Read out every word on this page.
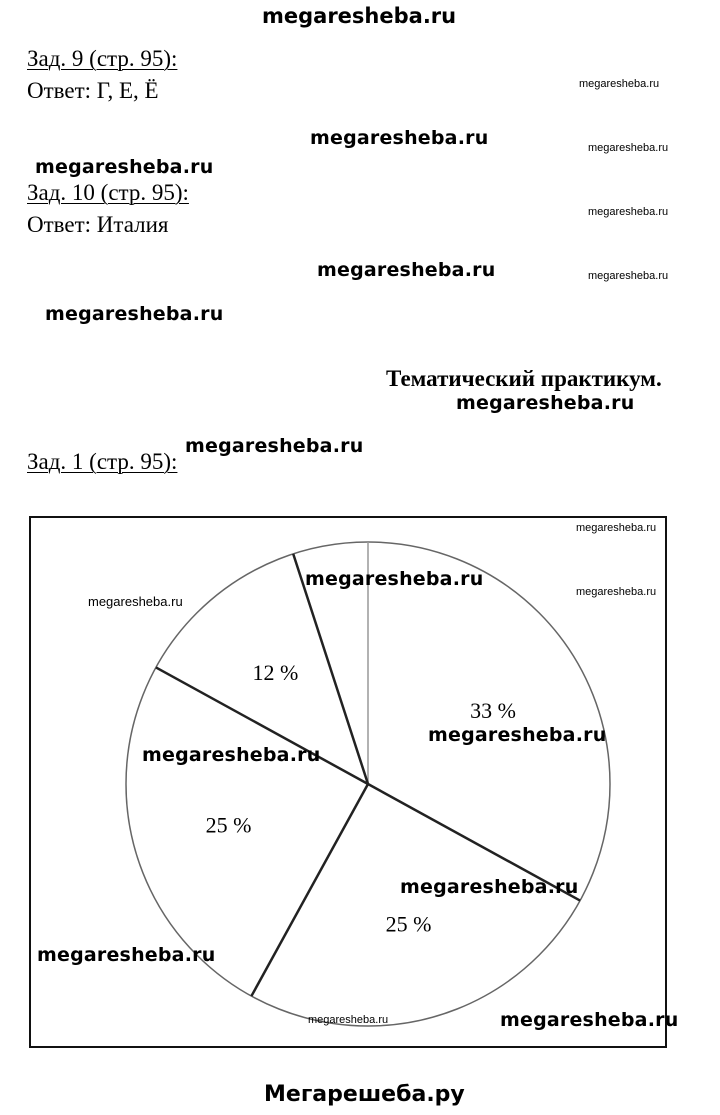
megaresheba.ru
Зад. 9 (стр. 95):
Ответ: Г, Е, Ё
Зад. 10 (стр. 95):
Ответ: Италия
Тематический практикум.
Зад. 1 (стр. 95):
33 %
25 %
25 %
12 %
megaresheba.ru
megaresheba.ru	megaresheba.ru
megaresheba.ru
megaresheba.ru
megaresheba.ru	megaresheba.ru
megaresheba.ru
megaresheba.ru
megaresheba.ru
megaresheba.ru
megaresheba.ru
megaresheba.ru
megaresheba.ru
megaresheba.ru
megaresheba.ru
megaresheba.ru
megaresheba.ru
megaresheba.ru	megaresheba.ru
Мегарешеба.ру
